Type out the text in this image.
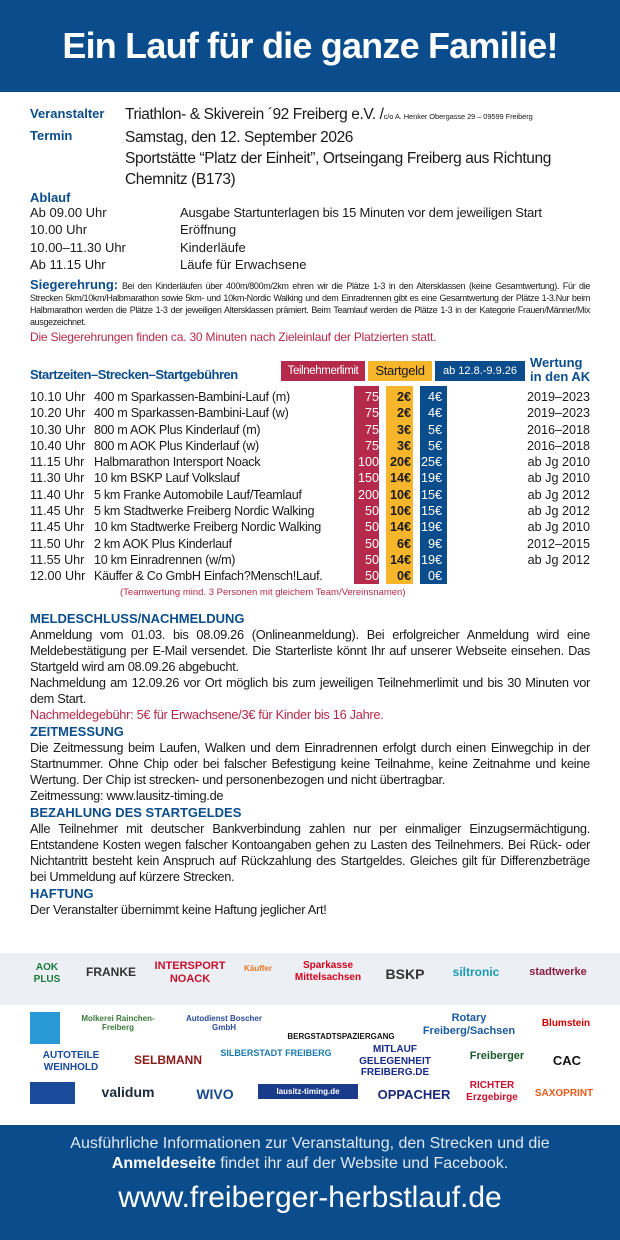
Ein Lauf für die ganze Familie!
Veranstalter Triathlon- & Skiverein ´92 Freiberg e.V. /c/o A. Henker Obergasse 29 – 09599 Freiberg
Termin	Samstag, den 12. September 2026
Sportstätte “Platz der Einheit”, Ortseingang Freiberg aus Richtung
Chemnitz (B173)
Ablauf
Ab 09.00 Uhr	Ausgabe Startunterlagen bis 15 Minuten vor dem jeweiligen Start
10.00 Uhr	Eröffnung
10.00–11.30 Uhr	Kinderläufe
Ab 11.15 Uhr	Läufe für Erwachsene
Siegerehrung: Bei den Kinderläufen über 400m/800m/2km ehren wir die Plätze 1-3 in den Altersklassen (keine Gesamtwertung). Für die Strecken 5km/10km/Halbmarathon sowie 5km- und 10km-Nordic Walking und dem Einradrennen gibt es eine Gesamtwertung der Plätze 1-3.Nur beim Halbmarathon werden die Plätze 1-3 der jeweiligen Altersklassen prämiert. Beim Teamlauf werden die Plätze 1-3 in der Kategorie Frauen/Männer/Mix ausgezeichnet.
Die Siegerehrungen finden ca. 30 Minuten nach Zieleinlauf der Platzierten statt.
Startzeiten–Strecken–Startgebühren	Teilnehmerlimit	Startgeld	ab 12.8.-9.9.26
Wertung
in den AK
10.10 Uhr 400 m Sparkassen-Bambini-Lauf (m)	75	2€	4€	2019–2023
10.20 Uhr 400 m Sparkassen-Bambini-Lauf (w)	75	2€	4€	2019–2023
10.30 Uhr 800 m AOK Plus Kinderlauf (m)	75	3€	5€	2016–2018
10.40 Uhr 800 m AOK Plus Kinderlauf (w)	75	3€	5€	2016–2018
11.15 Uhr Halbmarathon Intersport Noack	100 20€ 25€	ab Jg 2010
11.30 Uhr 10 km BSKP Lauf Volkslauf	150 14€ 19€	ab Jg 2010
11.40 Uhr 5 km Franke Automobile Lauf/Teamlauf	200 10€ 15€	ab Jg 2012
11.45 Uhr 5 km Stadtwerke Freiberg Nordic Walking	50 10€ 15€	ab Jg 2012
11.45 Uhr 10 km Stadtwerke Freiberg Nordic Walking	50 14€ 19€	ab Jg 2010
11.50 Uhr 2 km AOK Plus Kinderlauf	50	6€	9€	2012–2015
11.55 Uhr 10 km Einradrennen (w/m)	50 14€ 19€	ab Jg 2012
12.00 Uhr Käuffer & Co GmbH Einfach?Mensch!Lauf.	50	0€	0€
(Teamwertung mind. 3 Personen mit gleichem Team/Vereinsnamen)
MELDESCHLUSS/NACHMELDUNG
Anmeldung vom 01.03. bis 08.09.26 (Onlineanmeldung). Bei erfolgreicher Anmeldung wird eine Meldebestätigung per E-Mail versendet. Die Starterliste könnt Ihr auf unserer Webseite einsehen. Das Startgeld wird am 08.09.26 abgebucht.
Nachmeldung am 12.09.26 vor Ort möglich bis zum jeweiligen Teilnehmerlimit und bis 30 Minuten vor dem Start.
Nachmeldegebühr: 5€ für Erwachsene/3€ für Kinder bis 16 Jahre.
ZEITMESSUNG
Die Zeitmessung beim Laufen, Walken und dem Einradrennen erfolgt durch einen Einwegchip in der Startnummer. Ohne Chip oder bei falscher Befestigung keine Teilnahme, keine Zeitnahme und keine Wertung. Der Chip ist strecken- und personenbezogen und nicht übertragbar.
Zeitmessung: www.lausitz-timing.de
BEZAHLUNG DES STARTGELDES
Alle Teilnehmer mit deutscher Bankverbindung zahlen nur per einmaliger Einzugsermächtigung. Entstandene Kosten wegen falscher Kontoangaben gehen zu Lasten des Teilnehmers. Bei Rück- oder Nichtantritt besteht kein Anspruch auf Rückzahlung des Startgeldes. Gleiches gilt für Differenzbeträge bei Ummeldung auf kürzere Strecken.
HAFTUNG
Der Veranstalter übernimmt keine Haftung jeglicher Art!
AOK PLUS	FRANKE	INTERSPORT NOACK
Käuffer	Sparkasse Mittelsachsen	BSKP	siltronic	stadtwerke
Molkerei Rainchen-Freiberg
Autodienst Boscher GmbH
BERGSTADTSPAZIERGANG
Rotary Freiberg/Sachsen
Blumstein
AUTOTEILE WEINHOLD	SELBMANN	SILBERSTADT FREIBERG	MITLAUF GELEGENHEIT FREIBERG.DE
Freiberger	CAC
validum	WIVO	lausitz-timing.de	OPPACHER
RICHTER Erzgebirge	SAXOPRINT
Ausführliche Informationen zur Veranstaltung, den Strecken und die
Anmeldeseite findet ihr auf der Website und Facebook.
www.freiberger-herbstlauf.de
